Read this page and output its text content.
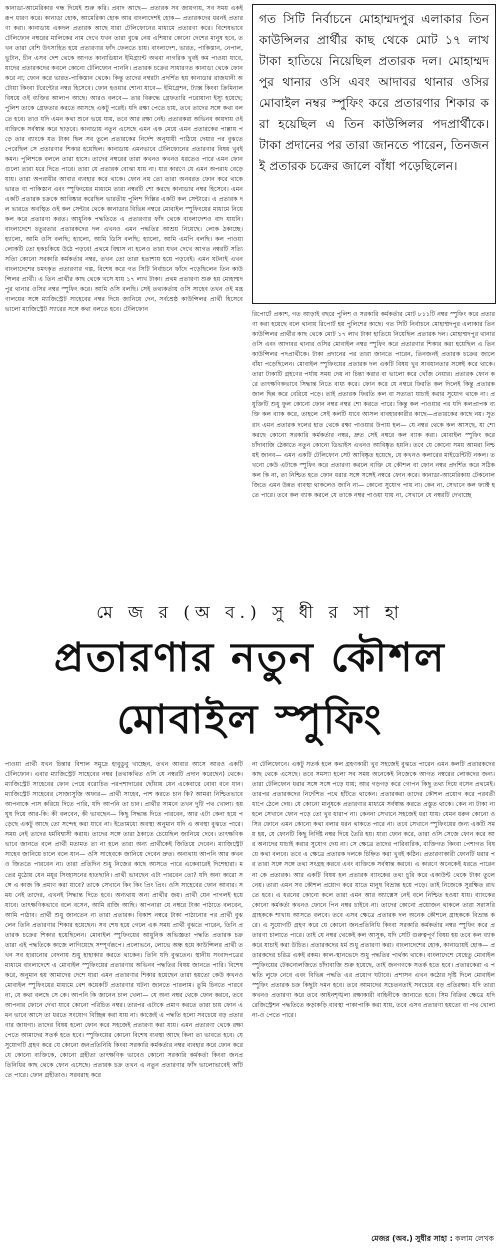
কানাডা-আমেরিকার গন্ধ দিয়েই শুরু করি। প্রবাদ আছে— প্রতারক সব জায়গায়, সব সময় একই রূপ ধারণ করে। কানাডা হোক, আমেরিকা হোক আর বাংলাদেশই হোক— প্রতারকদের ধরনই প্রতারণা করা। কানাডায় একদল প্রতারক আছে যারা টেলিফোনের মাধ্যমে প্রতারণা করে। বিশেষভাবে টেলিফোন নম্বরের মালিকের নাম দেখে যখন তারা বুঝে নেয় এশিয়ার কোনো দেশের মানুষ হবে, তখন তারা বেশি উৎসাহিত হয়ে প্রতারণার ফাঁদ ফেলতে চায়। বাংলাদেশ, ভারত, পাকিস্তান, নেপাল, ভুটান, চীন এসব দেশ থেকে আগত কানাডিয়ান ইমিগ্র্যান্ট অথবা নাগরিক খুবই কম পাওয়া যাবে, যাদের প্রতারকদের কবলে কোনো টেলিফোন পাননি। প্রতারক চক্রের সাধারণত কানাডা থেকে ফোন করে না; ফোন করে ভারত-পাকিস্তান থেকে। কিন্তু তাদের নম্বরটা প্রদর্শিত হয় কানাডার রাজধানী অটোয়া কিংবা টরেন্টোর নম্বর হিসেবে। ফোন হওয়ার শোনা যাবে— ইমিগ্রেশন, ট্যাক্স কিংবা ক্রিমিনাল বিষয়ে ওই ব্যক্তির আলাপ আছে। আরও বলবে— তার বিরুদ্ধে গ্রেফতারি পরোয়ানা ইস্যু হয়েছে; পুলিশ তাকে গ্রেফতার করতে আসছে একটু পরেই। যদি রক্ষা পেতে চায়, তবে তাদের সঙ্গে কথা বলতে হবে। তাও যদি এমন কথা শুনে ভয়ে যায়, তবে আর রক্ষা নেই। প্রতারকরা অভিনব কায়দায় ওই ব্যক্তিকে সর্বস্বান্ত করে ছাড়বে। কানাডায় নতুন এসেছে এমন এক মেয়ে এমন প্রতারকের পাল্লায় পড়ে তার ব্যাংকে যত টাকা ছিল সব তুলে প্রতারকের নির্দেশ অনুযায়ী পাঠিয়ে দেয়ার পর বুঝতে পেরেছিল সে প্রতারণার শিকার হয়েছিল। কানাডায় এমনভাবে টেলিফোনের প্রতারণার বিষয় খুবই কমন। পুলিশকে বললে তারা হাসে। তাদের নম্বরের তারা কখনও কখনও ধরতেও পারে এমন ফোন গুলো তারা ধরে দিতে পারে। তারা যে প্রতারক বোঝা যায় না। যার কারণে যে এমন অপরাধ বেড়ে যায়। তারা অপরাধীর আবার ব্যবহার করে থাকে। ফোন নয় তো তারা অনবরত ফোন করে থাকে ভারত বা পাকিস্তান এবং স্পুফিংয়ের মাধ্যমে তারা নম্বরটি শো করছে কানাডার নম্বর হিসেবে। এমন একটি প্রতারক চক্রকে আবিষ্কার করেছিল ভারতীয় পুলিশ দিল্লির একটি কল সেন্টারে। এ প্রতারক দল ভারতে অবস্থিত ওই কল সেন্টার থেকে কানাডার বিভিন্ন নম্বরে মোবাইল স্পুফিংয়ের মাধ্যমে নিয়ে কল করে প্রতারণা করত। আধুনিক পদ্ধতিতে এ প্রতারণার ফাঁদ থেকে বাংলাদেশও বাদ যায়নি। বাংলাদেশে চতুরতার প্রতারকদের দল এখনও এমন পদ্ধতির আশ্রয় নিয়েছে। লোক ঠকাচ্ছে। হ্যালো, আমি ওসি বলছি; হ্যালো, আমি ডিসি বলছি; হ্যালো, আমি এমপি বলছি। কল পাওয়া লোকটি তো হকচকিয়ে উঠে পড়বে! প্রথমে বিশ্বাস না হলেও তারা যখন দেখে আগত নম্বরটি সত্যি সত্যি কোনো সরকারি কর্মকর্তার নম্বর, তখন তো তারা হতাশায় হয়ে পড়বেই। এমন ঘটনাই এখন বাংলাদেশের চমৎকৃত প্রতারণার গল্প, বিশেষ করে গত সিটি নির্বাচনে ফাঁদে পড়েছিলেন তিন কাউন্সিলর প্রার্থী। এ তিন প্রার্থীর কাছ থেকে খসে যায় ১৭ লাখ টাকা। প্রথম প্রতারণা শুরু হয় মোহাম্মদপুর থানার ওসির নম্বর স্পুফিং করে। আমি ওসি বলছি। সেই তথ্যকর্তায় ওসি সাহেব তখন ওই মন্ত্রণালয়ের সঙ্গে ম্যাজিস্ট্রেট সাহেবের নম্বর দিয়ে জানিয়ে দেন, সর্বশ্রেষ্ঠ কাউন্সিলর প্রার্থী হিসেবে ভালো ম্যাজিস্ট্রেট স্যারের সঙ্গে কথা বলতে হবে। টেলিফোন

গত সিটি নির্বাচনে মোহাম্মদপুর এলাকার তিন কাউন্সিলর প্রার্থীর কাছ থেকে মোট ১৭ লাখ টাকা হাতিয়ে নিয়েছিল প্রতারক দল। মোহাম্মদপুর থানার ওসি এবং আদাবর থানার ওসির মোবাইল নম্বর স্পুফিং করে প্রতারণার শিকার করা হয়েছিল এ তিন কাউন্সিলর পদপ্রার্থীকে। টাকা প্রদানের পর তারা জানতে পারেন, তিনজনই প্রতারক চক্রের জালে বাঁধা পড়েছিলেন।

রিপোর্টে প্রকাশ, গত আড়াই বছরে পুলিশ ও সরকারি কর্মকর্তার মোট ৮১১টি নম্বর স্পুফিং করে প্রতারণা করা হয়েছে বলে থানায় রিপোর্ট হয় পুলিশের কাছে। গত সিটি নির্বাচনে মোহাম্মদপুর এলাকার তিন কাউন্সিলর প্রার্থীর কাছ থেকে মোট ১৭ লাখ টাকা হাতিয়ে নিয়েছিল প্রতারক দল। মোহাম্মদপুর থানার ওসি এবং আদাবর থানার ওসির মোবাইল নম্বর স্পুফিং করে প্রতারণার শিকার করা হয়েছিল এ তিন কাউন্সিলর পদপ্রার্থীকে। টাকা প্রদানের পর তারা জানতে পারেন, তিনজনই প্রতারক চক্রের জালে বাঁধা পড়েছিলেন। মোবাইল স্পুফিংয়ের প্রতারক দল একটি বিষয় খুব সাবধানতার সঙ্গেই করে থাকে। তারা টাকাটি গ্রহণের পর্যায় সময় দেয় না চিন্তা করার বা ভালো করে খোঁজ নেয়ার। প্রতারক ফোন করে তাৎক্ষণিকভাবে সিদ্ধান্ত নিতে বাধ্য করে। ফোন করে যে নম্বরে ফিরতি কল দিলেই কিন্তু প্রতারক জাল ছিন্ন করে বেরিয়ে পড়ে। তাই প্রতারক ফিরতি কল বা সত্যতা যাচাই করার সুযোগ থাকে না। প্রযুক্তিটি শুধু ফুল কোনো ফোন নম্বর নম্বর শো করতে পারে। কিন্তু কল পাওয়ার পর যদি কলপ্রাপক ব্যক্তি কল ব্যাক করে, তাহলে সেই কলটি যাবে আসল ব্যবহারকারীর কাছে—প্রতারকের কাছে নয়। সুতরাং এমন প্রতারক দলের হাত থেকে রক্ষা পাওয়ার উপায় হল— যে নম্বর থেকে কল আসছে, যা শো করছে কোনো সরকারি কর্মকর্তার নম্বর, দ্রুত সেই নম্বরে কল ব্যাক করা। মোবাইল স্পুফিং করে চাঁদাবাজি ঠেকাতে নতুন কোনো ডিভাইস এখনও আবিষ্কৃত হয়নি। তবে যে কোনো সময় আমরা নিশ্চয়ই জানব— এমন একটি টেলিফোন সেট আবিষ্কৃত হয়েছে, যে কখনও কলারের মাইডেন্টিটি নকল। তখনো কেউ এটাকে স্পুফিং করে প্রতারণা করলে ব্যক্তি যে কৌশল বা ফোন নম্বর প্রদর্শিত করে সঠিক কল কি না, তা নিশ্চিত হতে ফোন ধরার সঙ্গে সঙ্গেই নম্বরে ফোন করে। কানাডা-আমেরিকায় টেকনোলজিতে এমন উন্নত ব্যবস্থা থাকলেও জানি না— কোনো সুযোগ পায় না। কেন না, সেখানে কল ফ্যাক্ট হতে পারে। তবে কল ব্যাক করলে যে তাকে নম্বর পাওয়া যায় না, সেখানে যে নম্বরটি দেখাচ্ছে

মে জ র (অ ব.) সু ধী র সা হা

প্রতারণার নতুন কৌশল
মোবাইল স্পুফিং

পাওয়া প্রার্থী যখন চিন্তার বিশাল সমুদ্রে হাবুডুবু খাচ্ছেন, তখন আবার আসে আরও একটি টেলিফোন। এবার ম্যাজিস্ট্রেট সাহেবের নম্বর (তথাকথিত ওসি যে নম্বরটি প্রদান করেছেন) থেকে। ম্যাজিস্ট্রেট সাহেবের ফোন পেয়ে বরোচিত পরপশাদারের ছোঁয়ায় যেন একেবারে বোবা বনে যান। ম্যাজিস্ট্রেট সাহেবের সোজাসুজি অফার— প্রার্থী সাহেব, পাশ করতে চান কি? আমরা নিশ্চিতভাবে আপনাকে পাস করিয়ে দিতে পারি, যদি আপনি তা চান। প্রার্থীর সামনে তখন দুটি পথ খোলা। হয় ঘুষ দিয়ে আর-কি: কী বলবেন, কী ভাবছেন— কিছু সিদ্ধান্ত দিতে পারবেন, আর এটা কেনা হয়ে পড়েছে একটু আছে তো সন্দেহ করা যাবে না। ইতোমধ্যে অবস্থা অনুমান যদি এ অবস্থা বুঝতে পারে। সময় নেই তাদের ধর্মবিশ্বাসী করায়। তাদের সঙ্গে তারা ঠকাতে চেয়েছিল জানিয়ে দেবে। তাৎক্ষণিকভাবে জানতে বলে প্রার্থী মতামত তা না হলে তারা অন্য প্রার্থীকেই জিতিয়ে দেবেন। ম্যাজিস্ট্রেট সাহেব জানিয়ে চালে বলে যান— ওসি সাহেবকে জানিয়ে দেবেন দ্রুত। অন্যথায় আপনি আর কখনও জিততে পারবেন না। তারা প্রতিদিন শুধু নিজের কাছে আসতে পারে একেবারেই দিশেহারা। মতের মুঠোয় যেন ময়ূর সিংহাসনের হাতছানি। প্রার্থী ভাবছেন এটা পারবেন তো? যদি অন্য কারো সঙ্গে এ কাজ কি প্রমাণ করা যাবে? তাকে সেখানে কিং কিং প্রিং প্রিং। ওসি সাহেবের ফোন আবার। সময় নেই তাদের, এখনই সিদ্ধান্ত দিতে হবে। অন্যথায় অন্য প্রার্থীর জয়। প্রার্থী যেন পাগলই হয়ে যাবে। তাৎক্ষণিকভাবে বলে বসেন, আমি রাজি আছি। আপনারা যে নম্বরে টাকা পাঠাতে বলবেন, আমি পাঠাব। প্রার্থী শুধু জানতেন না তারা প্রতারক। বিকাশ নম্বরে টাকা পাঠানোর পর প্রার্থী বুঝলেন তিনি প্রতারণার শিকার হয়েছেন। সব শেষ হয়ে গেলে এক সময় প্রার্থী বুঝতে পারেন, তিনি প্রতারক চক্রের শিকার হয়েছিলেন। মোবাইল স্পুফিংয়ের আধুনিক অভিজ্ঞতা পদ্ধতি প্রতারক চক্র তারা এই পদ্ধতিকে কাজে লাগিয়েছে সম্পূর্ণরূপে। প্রলোভনে, লোভে অন্ধ হয়ে কাউন্সিলর প্রার্থী তখন সব হারানোর বেদনায় শুধু হাহাকার করতে থাকেন। তিনি যদি বুঝতেন। স্থানীয় সংবাদপত্রের মাধ্যমে বাংলাদেশে এ মোবাইল স্পুফিংয়ের প্রতারণার অভিনব পদ্ধতির বিষয় জানতে পারি। বিশেষ করে, অনুমান হয় আমাদের দেশে যারা এমন প্রতারণার শিকার হয়েছেন তারা হয়তো কেউ কখনও মোবাইল স্পুফিংয়ের মাধ্যমে বেশ কয়েকটি প্রতারণার ঘটনা জানতে পারলাম। তুমি চিনতে পারবে না, যে কথা বলছে সে কে। আপনি কি জানেন চাল খেলা— যে অন্য নম্বর থেকে ফোন করবে, তবে আপনার ফোনে দেখা যাবে কোনো পরিচিত নম্বর। তারপর এটাকে প্রমাণ করতে তারা চায় ফোন এমন ভাবে আসে তা ধরতে সংযোগ বিচ্ছিন্ন করা যায় না। কাজেই এ পদ্ধতি হলো সবচেয়ে বড় প্রতারণার জায়গা। তাদের বিষয় হলো ফোন করে সহজেই প্রতারণা করা যায়। এমন প্রতারণা থেকে রক্ষা পেতে আমাদের সতর্ক হতে হবে। স্পুফিংয়ের কোনো বিশেষ ব্যবস্থা আছে কিনা তা ভাবতে হবে। যে সুযোগটি গ্রহণ করে যে কোনো জনপ্রতিনিধি কিংবা সরকারি কর্মকর্তার নম্বর ব্যবহার করে ফোন করে যে কোনো ব্যক্তিকে, কোনো গ্রহীতা তাৎক্ষণিক ভাবেও কোনো সরকারি কর্মকর্তা কিংবা জনপ্রতিনিধির কাছ থেকে ফোন এসেছে। প্রতারক চক্র তখন এ নতুন প্রতারণার ফাঁদ ভালোভাবেই আঁটতে পারে। ফোন গ্রহীতাও। সরবরাহ করে

না টেলিফোনে। একটু সতর্ক হলে কল গ্রহণকারী খুব সহজেই বুঝতে পারেন এমন কলটি প্রতারকদের কাছ থেকে এসেছে। তবে সমস্যা হলো সব সময় অনেকেই নিজেকে আগত নম্বরের লোকদের জন্য। তারা টেলিফোন ধরার সঙ্গে সঙ্গে পড়ে যায়; আর গড়গড় করে গোপন কিছু তথ্য দিয়ে বসেন প্রথমেই। তারপর প্রতারকদের নির্দেশিত পথে হাঁটতে থাকেন। প্রতারকরা তাদের কৌশল প্রয়োগ করে পরবর্তী ধাপে ঠেলে দেয়। যে কোনো মানুষকে প্রতারণার মাধ্যমে সর্বস্বান্ত করতে প্রস্তুত থাকে। কেন না টাকা না হলে সেখানে ফোন পড়ে তো খুব ধারাপ না। কেননা সেখানে সহজেই ধরা যায়। যেমন ধরুন কোনো ওসির ফোনে এমন কোনো কথা বলার ধরন থাকতে পারে না। তবে সেখানে স্পুফিংয়ের জন্য একটি সময় হয়, যে ফোনটি কিছু নির্দিষ্ট নম্বর দিয়ে তৈরি হয়। যারা ফোন করে, তারা ওসি সেজে ফোন করে আর অন্যদের যাচাই করার সুযোগ দেয় না। সে ক্ষেত্রে তাদের পারিবারিক, ব্যক্তিগত কিংবা পেশাগত বিষয়ে কথা বলবে। তবে এ ক্ষেত্রে প্রতারক দলকে চিহ্নিত করা খুবই কঠিন। প্রতারণাকারী ফোনটি ধরার পর তারা সঙ্গে সঙ্গে তথ্য সংগ্রহ করবে এবং ব্যক্তিকে সর্বস্বান্ত করবে। এ কারণে অনেকেই ধরতে পারেন না কে প্রতারক। আর একটি বিষয় হল প্রতারক ব্যাংকের তথ্য চুরি করে একাউন্ট থেকে টাকা তুলে নেয়। তারা এমন সব কৌশল প্রয়োগ করে যাতে মানুষ বিভ্রান্ত হয়ে পড়ে। তাই নিজেকে সুরক্ষিত রাখতে হবে। এ ধরনের কোনো কলে তারা এমন আর অ্যাক্সেস নেই বলে নিশ্চিত হওয়া যায়। ব্যাংকের কোনো কর্মকর্তা কখনও ফোনে পিন নম্বর চাইবে না। তাদের কোনো প্রয়োজন থাকলে তারা সরাসরি গ্রাহককে শাখায় আসতে বলবে। তবে এসব ক্ষেত্রে প্রতারক দল অনেক কৌশলে গ্রাহককে বিভ্রান্ত করে। এ সুযোগটি গ্রহণ করে যে কোনো জনপ্রতিনিধি কিংবা সরকারি কর্মকর্তার নম্বর স্পুফিং করে প্রতারণা চালাতে পারে। তাই যে নম্বর থেকেই কল আসুক, যদি সেটি গুরুত্বপূর্ণ বিষয় হয় তবে কল ব্যাক করে যাচাই করা উচিত। প্রতারকদের ধর্ম শুধু প্রতারণা করা। বাংলাদেশের হোক, কানাডায়ই হোক— প্রতারকদের চরিত্র একই রকম। কাল-স্থানভেদে শুধু পদ্ধতির পার্থক্য থাকে। বাংলাদেশে যেহেতু মোবাইল স্পুফিংয়ের টেকনোলজিতে চাঁদাবাজি শুরু হয়েছে, তাই জনগণকে সতর্ক হতে হবে। প্রতারকেরা এ পদ্ধতি লুফে নেবে এবং বিভিন্ন পদ্ধতি এর প্রয়োগ ঘটাবে। প্রশাসন এখন কঠোর দৃষ্টি দিলে মোবাইল স্পুফিং প্রতারক চক্র কিছুটা দমন হবে। তবে আমাদের সচেতনতাই সবচেয়ে বড় প্রতিরক্ষা। যদি তারা কখনও প্রতারণা করে তবে আইনশৃঙ্খলা রক্ষাকারী বাহিনীকে জানাতে হবে। সিম বিক্রির ক্ষেত্রে যদি রেজিস্ট্রেশন পদ্ধতিতে কড়াকড়ি ব্যবস্থা পাকাপাকি করা যায়, তবে এসব প্রতারণা হয়তো বা পথ খোলা না-ও পেতে পারে।

মেজর (অব.) সুধীর সাহা : কলাম লেখক
